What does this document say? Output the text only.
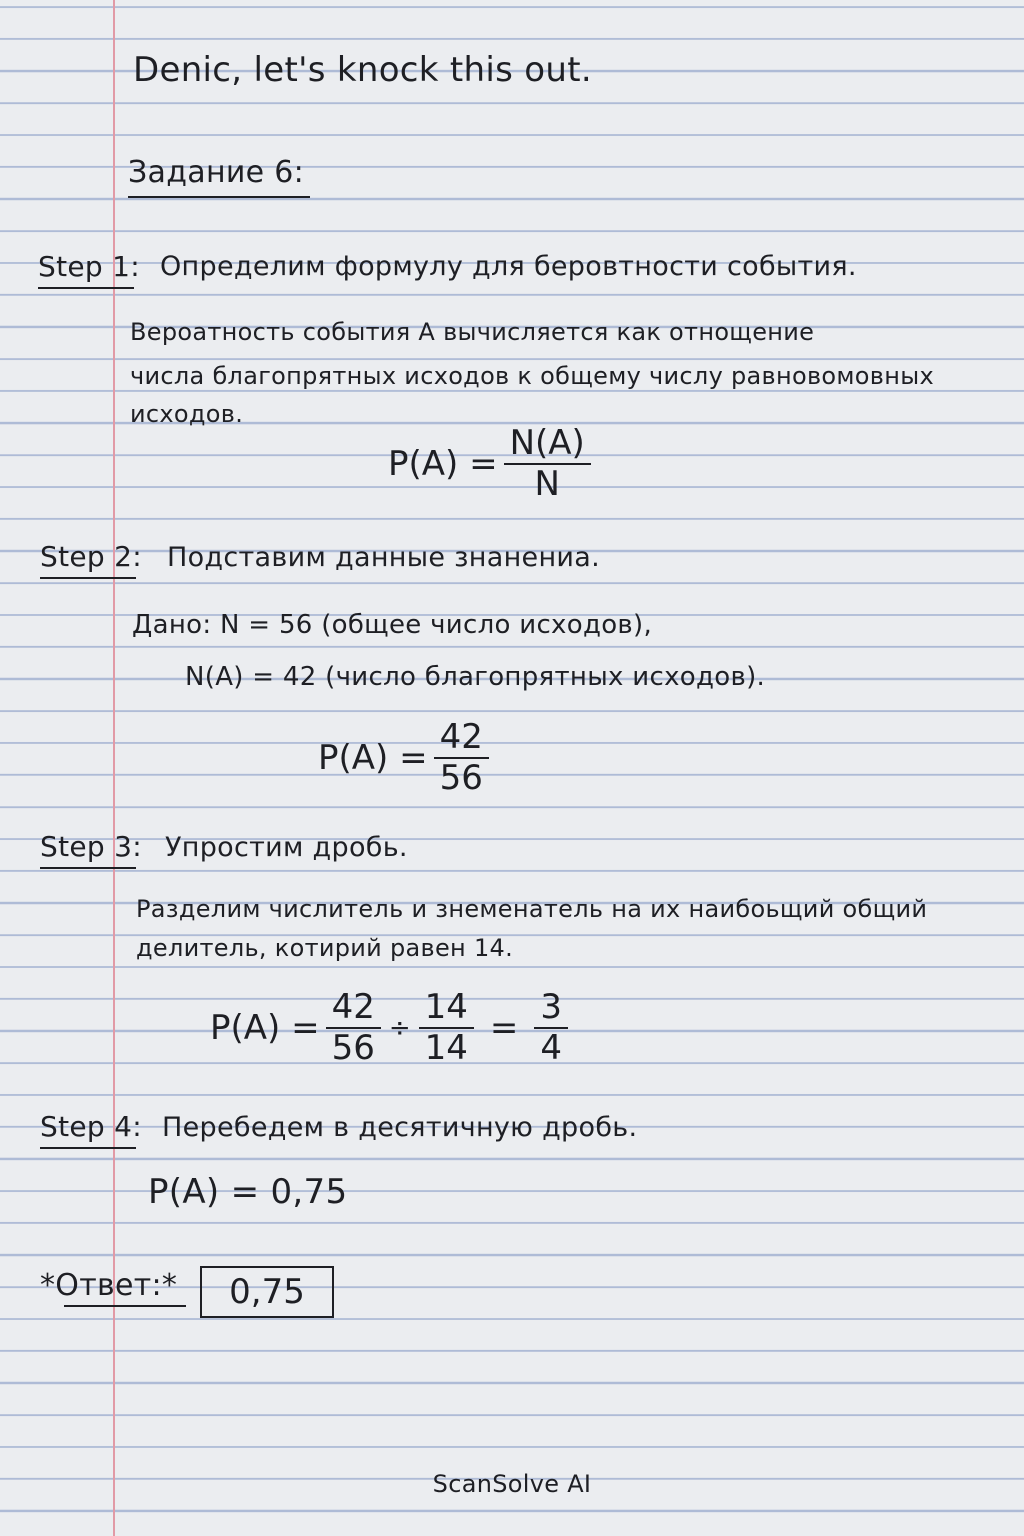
Denic, let's knock this out.
Задание 6:
Step 1: Определим формулу для беровтности события.
Вероатность события A вычисляется как отнощение
числа благопрятных исходов к общему числу равновомовных
исходов.
$P(A) = \frac{N(A)}{N}$
Step 2: Подставим данные знанениа.
Дано: N = 56 (общее число исходов),
N(A) = 42 (число благопрятных исходов).
$P(A) = \frac{42}{56}$
Step 3: Упростим дробь.
Разделим числитель и знеменатель на их наибоьщий общий
делитель, котирий равен 14.
$P(A) = \frac{42}{56} \div \frac{14}{14} = \frac{3}{4}$
Step 4: Перебедем в десятичную дробь.
P(A) = 0,75
*Ответ:* 0,75
ScanSolve AI
